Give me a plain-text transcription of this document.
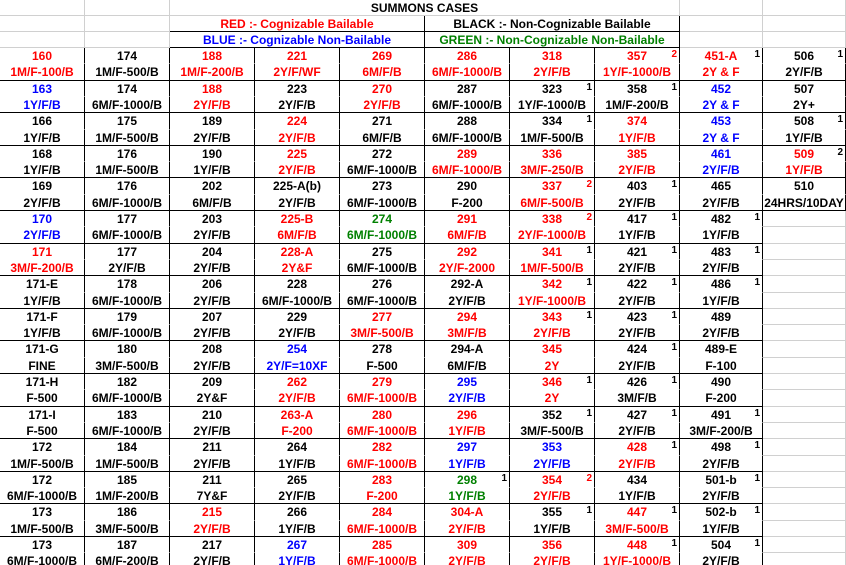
SUMMONS CASES
RED :- Cognizable Bailable	BLACK :- Non-Cognizable Bailable
BLUE :- Cognizable Non-Bailable	GREEN :- Non-Cognizable Non-Bailable
160	174	188	221	269	286	318	357 2	451-A 1	506 1
1M/F-100/B	1M/F-500/B	1M/F-200/B	2Y/F/WF	6M/F/B	6M/F-1000/B	2Y/F/B	1Y/F-1000/B	2Y & F	2Y/F/B
163	174	188	223	270	287	323 1	358 1	452	507
1Y/F/B	6M/F-1000/B	2Y/F/B	2Y/F/B	2Y/F/B	6M/F-1000/B	1Y/F-1000/B	1M/F-200/B	2Y & F	2Y+
166	175	189	224	271	288	334 1	374	453	508 1
1Y/F/B	1M/F-500/B	2Y/F/B	2Y/F/B	6M/F/B	6M/F-1000/B	1M/F-500/B	1Y/F/B	2Y & F	1Y/F/B
168	176	190	225	272	289	336	385	461	509 2
1Y/F/B	1M/F-500/B	1Y/F/B	2Y/F/B	6M/F-1000/B	6M/F-1000/B	3M/F-250/B	2Y/F/B	2Y/F/B	1Y/F/B
169	176	202	225-A(b)	273	290	337 2	403 1	465	510
2Y/F/B	6M/F-1000/B	6M/F/B	2Y/F/B	6M/F-1000/B	F-200	6M/F-500/B	2Y/F/B	2Y/F/B	24HRS/10DAY
170	177	203	225-B	274	291	338 2	417 1	482 1
2Y/F/B	6M/F-1000/B	2Y/F/B	6M/F/B	6M/F-1000/B	6M/F/B	2Y/F-1000/B	1Y/F/B	1Y/F/B
171	177	204	228-A	275	292	341 1	421 1	483 1
3M/F-200/B	2Y/F/B	2Y/F/B	2Y&F	6M/F-1000/B	2Y/F-2000	1M/F-500/B	2Y/F/B	2Y/F/B
171-E	178	206	228	276	292-A	342 1	422 1	486 1
1Y/F/B	6M/F-1000/B	2Y/F/B	6M/F-1000/B	6M/F-1000/B	2Y/F/B	1Y/F-1000/B	2Y/F/B	1Y/F/B
171-F	179	207	229	277	294	343 1	423 1	489
1Y/F/B	6M/F-1000/B	2Y/F/B	2Y/F/B	3M/F-500/B	3M/F/B	2Y/F/B	2Y/F/B	2Y/F/B
171-G	180	208	254	278	294-A	345	424 1	489-E
FINE	3M/F-500/B	2Y/F/B	2Y/F=10XF	F-500	6M/F/B	2Y	2Y/F/B	F-100
171-H	182	209	262	279	295	346 1	426 1	490
F-500	6M/F-1000/B	2Y&F	2Y/F/B	6M/F-1000/B	2Y/F/B	2Y	3M/F/B	F-200
171-I	183	210	263-A	280	296	352 1	427 1	491 1
F-500	6M/F-1000/B	2Y/F/B	F-200	6M/F-1000/B	1Y/F/B	3M/F-500/B	2Y/F/B	3M/F-200/B
172	184	211	264	282	297	353	428 1	498 1
1M/F-500/B	1M/F-500/B	2Y/F/B	1Y/F/B	6M/F-1000/B	1Y/F/B	2Y/F/B	2Y/F/B	2Y/F/B
172	185	211	265	283	298 1	354 2	434	501-b 1
6M/F-1000/B	1M/F-200/B	7Y&F	2Y/F/B	F-200	1Y/F/B	2Y/F/B	1Y/F/B	2Y/F/B
173	186	215	266	284	304-A	355 1	447 1	502-b 1
1M/F-500/B	3M/F-500/B	2Y/F/B	1Y/F/B	6M/F-1000/B	2Y/F/B	1Y/F/B	3M/F-500/B	1Y/F/B
173	187	217	267	285	309	356	448 1	504 1
6M/F-1000/B	6M/F-200/B	2Y/F/B	1Y/F/B	6M/F-1000/B	2Y/F/B	2Y/F/B	1Y/F-1000/B	2Y/F/B
